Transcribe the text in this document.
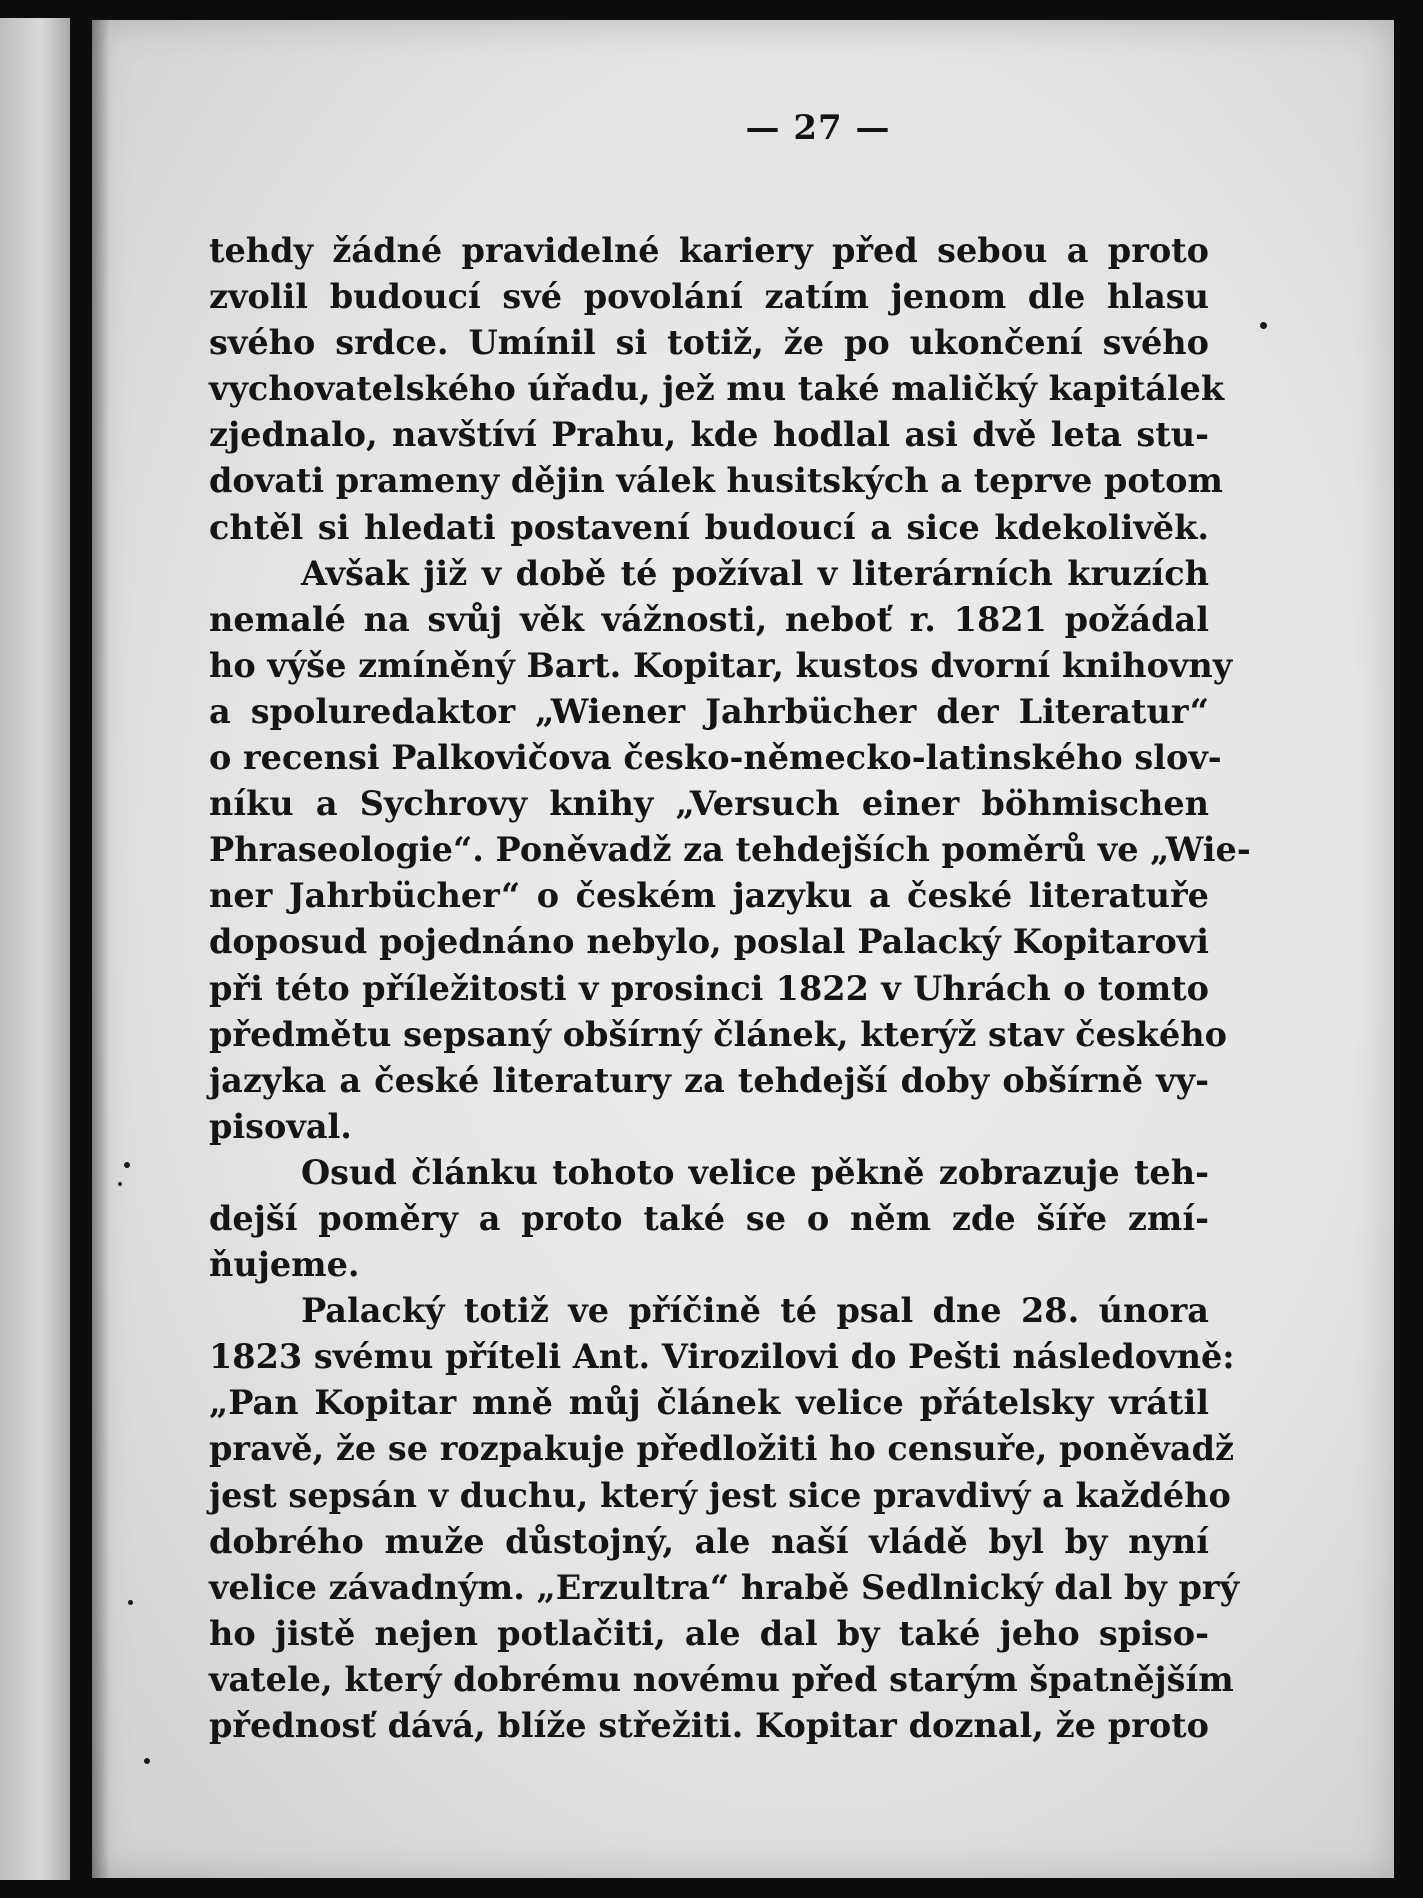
— 27 —
tehdy žádné pravidelné kariery před sebou a proto
zvolil budoucí své povolání zatím jenom dle hlasu
svého srdce. Umínil si totiž, že po ukončení svého
vychovatelského úřadu, jež mu také maličký kapitálek
zjednalo, navštíví Prahu, kde hodlal asi dvě leta stu-
dovati prameny dějin válek husitských a teprve potom
chtěl si hledati postavení budoucí a sice kdekolivěk.
Avšak již v době té požíval v literárních kruzích
nemalé na svůj věk vážnosti, neboť r. 1821 požádal
ho výše zmíněný Bart. Kopitar, kustos dvorní knihovny
a spoluredaktor „Wiener Jahrbücher der Literatur“
o recensi Palkovičova česko-německo-latinského slov-
níku a Sychrovy knihy „Versuch einer böhmischen
Phraseologie“. Poněvadž za tehdejších poměrů ve „Wie-
ner Jahrbücher“ o českém jazyku a české literatuře
doposud pojednáno nebylo, poslal Palacký Kopitarovi
při této příležitosti v prosinci 1822 v Uhrách o tomto
předmětu sepsaný obšírný článek, kterýž stav českého
jazyka a české literatury za tehdejší doby obšírně vy-
pisoval.
Osud článku tohoto velice pěkně zobrazuje teh-
dejší poměry a proto také se o něm zde šíře zmí-
ňujeme.
Palacký totiž ve příčině té psal dne 28. února
1823 svému příteli Ant. Virozilovi do Pešti následovně:
„Pan Kopitar mně můj článek velice přátelsky vrátil
pravě, že se rozpakuje předložiti ho censuře, poněvadž
jest sepsán v duchu, který jest sice pravdivý a každého
dobrého muže důstojný, ale naší vládě byl by nyní
velice závadným. „Erzultra“ hrabě Sedlnický dal by prý
ho jistě nejen potlačiti, ale dal by také jeho spiso-
vatele, který dobrému novému před starým špatnějším
přednosť dává, blíže střežiti. Kopitar doznal, že proto
